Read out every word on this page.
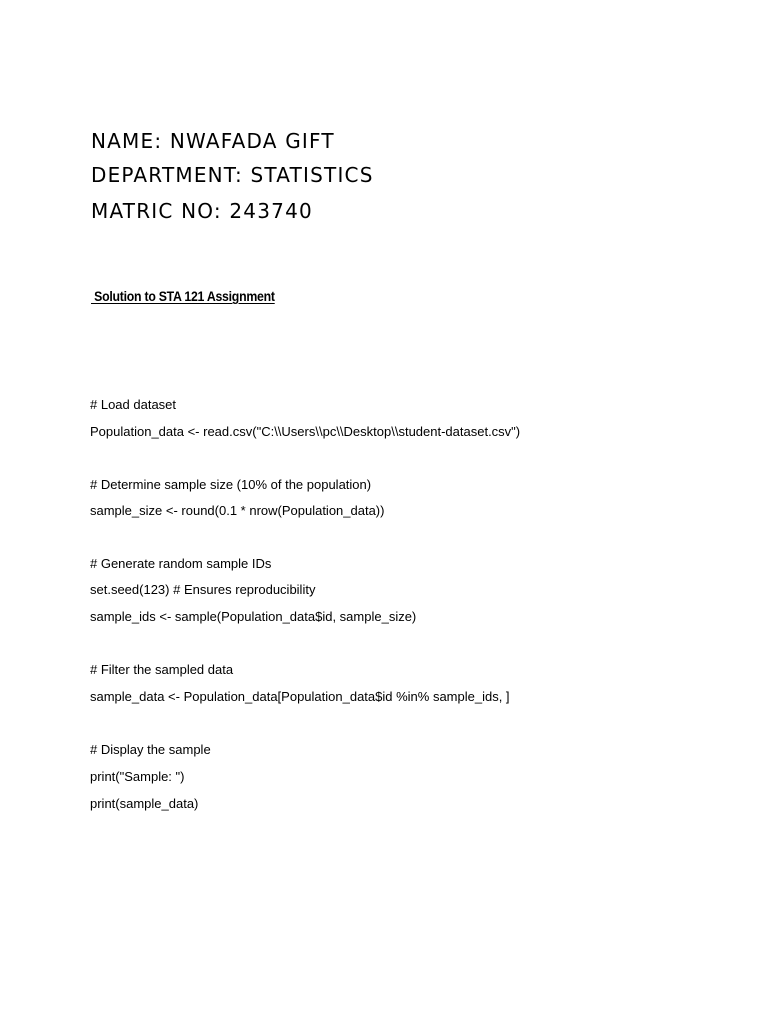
NAME: NWAFADA GIFT
DEPARTMENT: STATISTICS
MATRIC NO: 243740
Solution to STA 121 Assignment
# Load dataset
Population_data <- read.csv("C:\\Users\\pc\\Desktop\\student-dataset.csv")
# Determine sample size (10% of the population)
sample_size <- round(0.1 * nrow(Population_data))
# Generate random sample IDs
set.seed(123) # Ensures reproducibility
sample_ids <- sample(Population_data$id, sample_size)
# Filter the sampled data
sample_data <- Population_data[Population_data$id %in% sample_ids, ]
# Display the sample
print("Sample: ")
print(sample_data)
